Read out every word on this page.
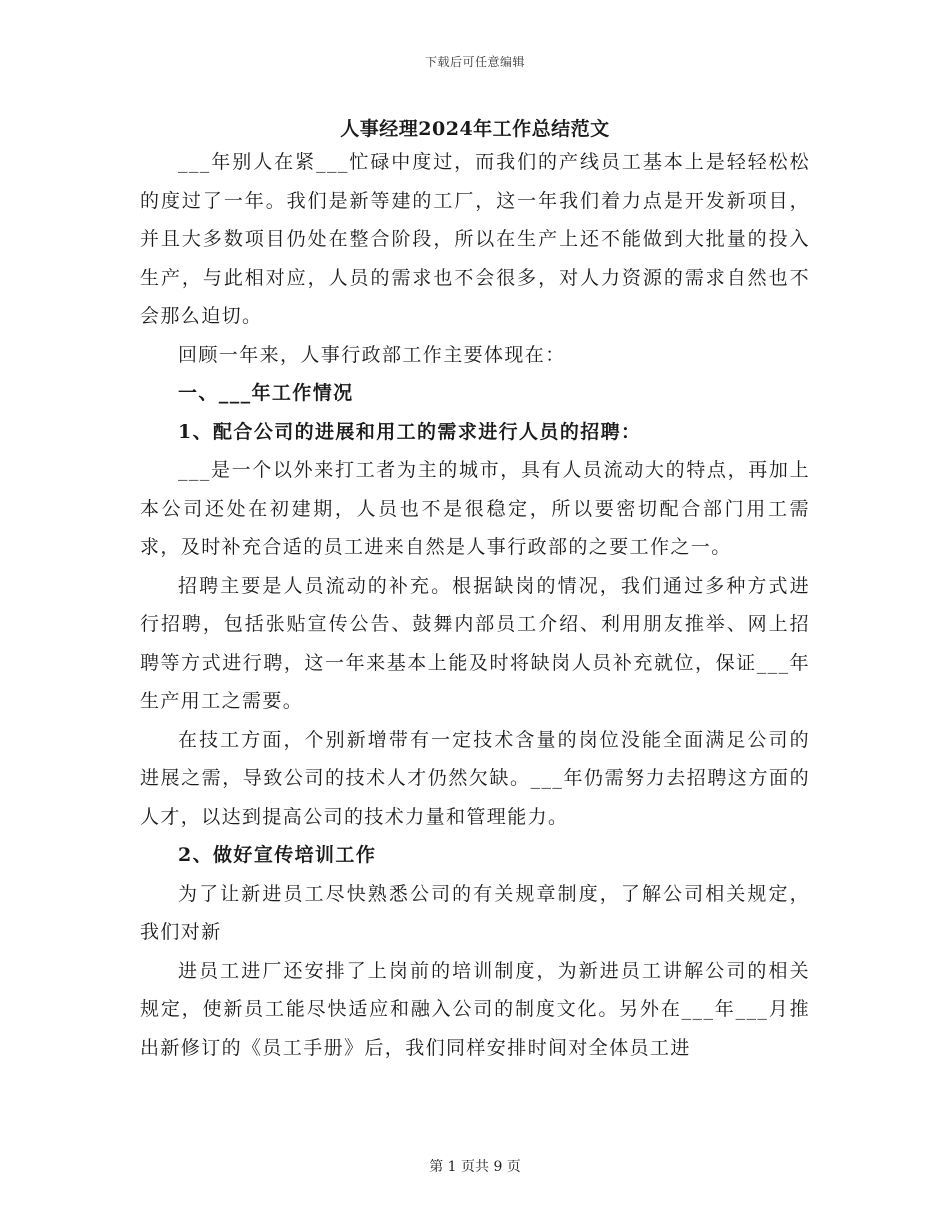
下载后可任意编辑
人事经理2024年工作总结范文

___年别人在紧___忙碌中度过，而我们的产线员工基本上是轻轻松松的度过了一年。我们是新等建的工厂，这一年我们着力点是开发新项目，并且大多数项目仍处在整合阶段，所以在生产上还不能做到大批量的投入生产，与此相对应，人员的需求也不会很多，对人力资源的需求自然也不会那么迫切。

回顾一年来，人事行政部工作主要体现在：

一、___年工作情况

1、配合公司的进展和用工的需求进行人员的招聘：

___是一个以外来打工者为主的城市，具有人员流动大的特点，再加上本公司还处在初建期，人员也不是很稳定，所以要密切配合部门用工需求，及时补充合适的员工进来自然是人事行政部的之要工作之一。

招聘主要是人员流动的补充。根据缺岗的情况，我们通过多种方式进行招聘，包括张贴宣传公告、鼓舞内部员工介绍、利用朋友推举、网上招聘等方式进行聘，这一年来基本上能及时将缺岗人员补充就位，保证___年生产用工之需要。

在技工方面，个别新增带有一定技术含量的岗位没能全面满足公司的进展之需，导致公司的技术人才仍然欠缺。___年仍需努力去招聘这方面的人才，以达到提高公司的技术力量和管理能力。

2、做好宣传培训工作

为了让新进员工尽快熟悉公司的有关规章制度，了解公司相关规定，我们对新

进员工进厂还安排了上岗前的培训制度，为新进员工讲解公司的相关规定，使新员工能尽快适应和融入公司的制度文化。另外在___年___月推出新修订的《员工手册》后，我们同样安排时间对全体员工进

第 1 页共 9 页
